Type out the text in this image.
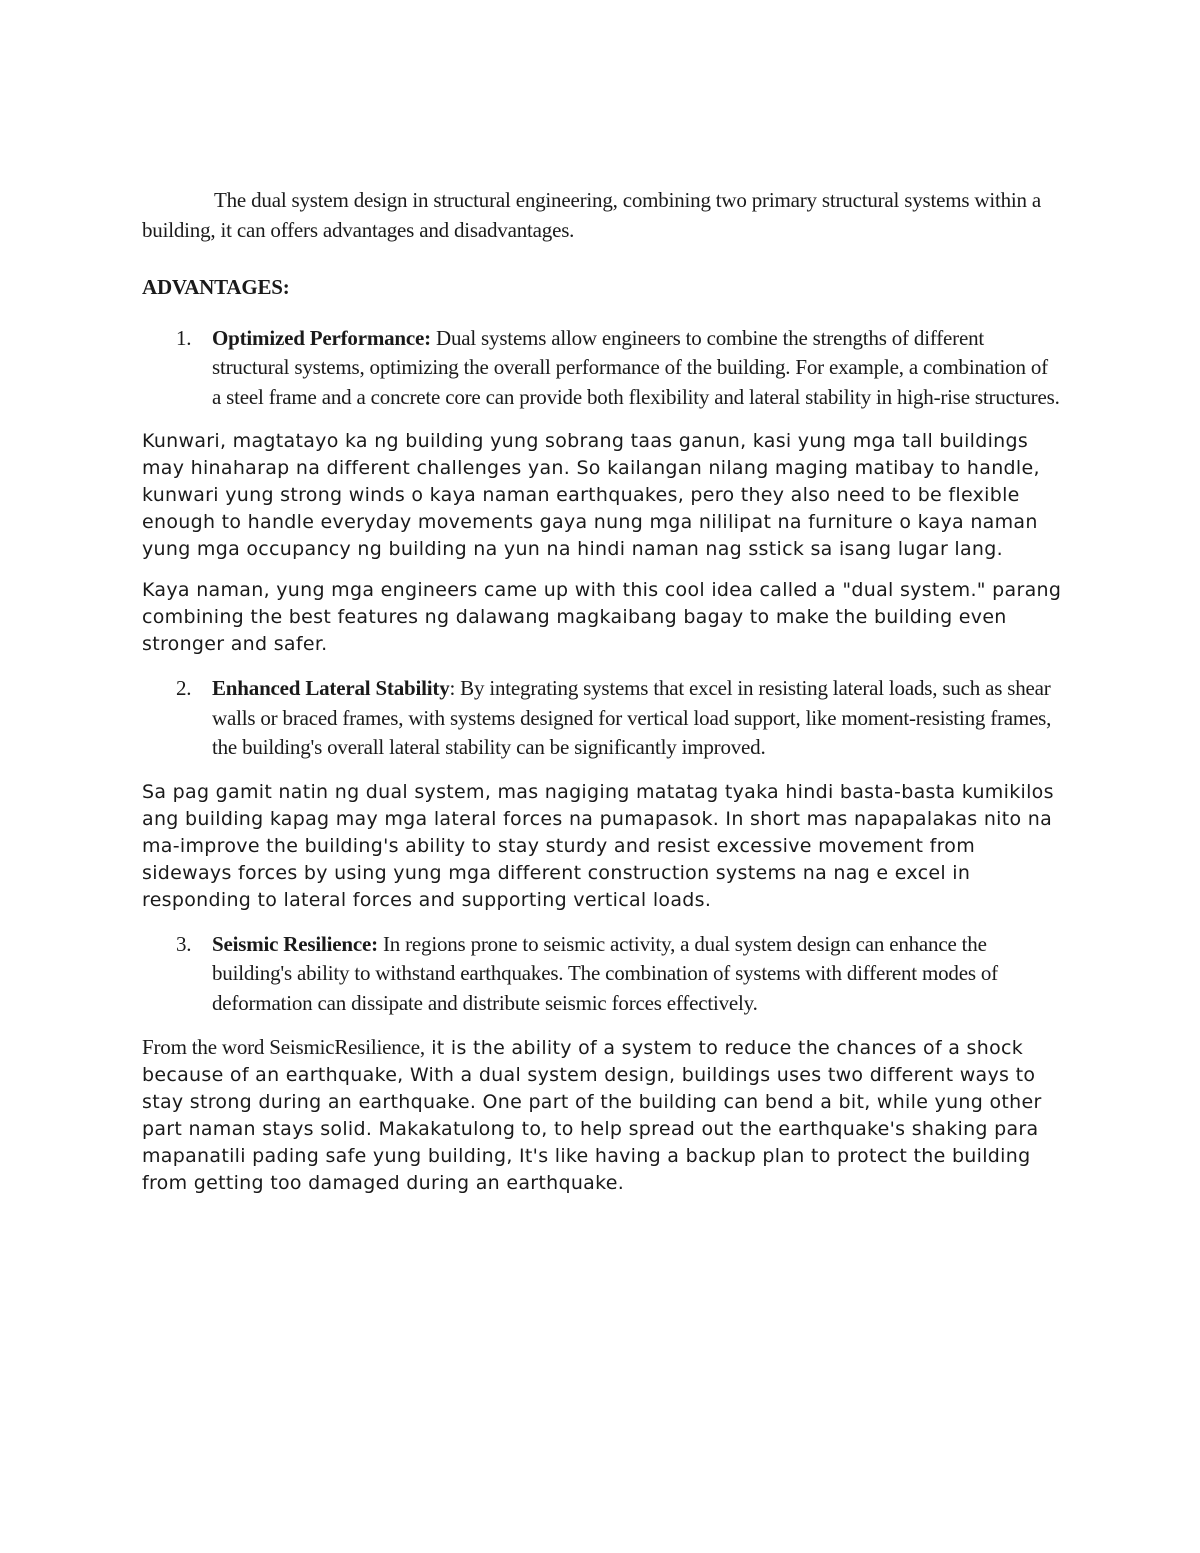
The dual system design in structural engineering, combining two primary structural systems within a building, it can offers advantages and disadvantages.

ADVANTAGES:

1. Optimized Performance: Dual systems allow engineers to combine the strengths of different structural systems, optimizing the overall performance of the building. For example, a combination of a steel frame and a concrete core can provide both flexibility and lateral stability in high-rise structures.

Kunwari, magtatayo ka ng building yung sobrang taas ganun, kasi yung mga tall buildings may hinaharap na different challenges yan. So kailangan nilang maging matibay to handle, kunwari yung strong winds o kaya naman earthquakes, pero they also need to be flexible enough to handle everyday movements gaya nung mga nililipat na furniture o kaya naman yung mga occupancy ng building na yun na hindi naman nag sstick sa isang lugar lang.

Kaya naman, yung mga engineers came up with this cool idea called a "dual system." parang combining the best features ng dalawang magkaibang bagay to make the building even stronger and safer.

2. Enhanced Lateral Stability: By integrating systems that excel in resisting lateral loads, such as shear walls or braced frames, with systems designed for vertical load support, like moment-resisting frames, the building's overall lateral stability can be significantly improved.

Sa pag gamit natin ng dual system, mas nagiging matatag tyaka hindi basta-basta kumikilos ang building kapag may mga lateral forces na pumapasok. In short mas napapalakas nito na ma-improve the building's ability to stay sturdy and resist excessive movement from sideways forces by using yung mga different construction systems na nag e excel in responding to lateral forces and supporting vertical loads.

3. Seismic Resilience: In regions prone to seismic activity, a dual system design can enhance the building's ability to withstand earthquakes. The combination of systems with different modes of deformation can dissipate and distribute seismic forces effectively.

From the word SeismicResilience, it is the ability of a system to reduce the chances of a shock because of an earthquake, With a dual system design, buildings uses two different ways to stay strong during an earthquake. One part of the building can bend a bit, while yung other part naman stays solid. Makakatulong to, to help spread out the earthquake's shaking para mapanatili pading safe yung building, It's like having a backup plan to protect the building from getting too damaged during an earthquake.
